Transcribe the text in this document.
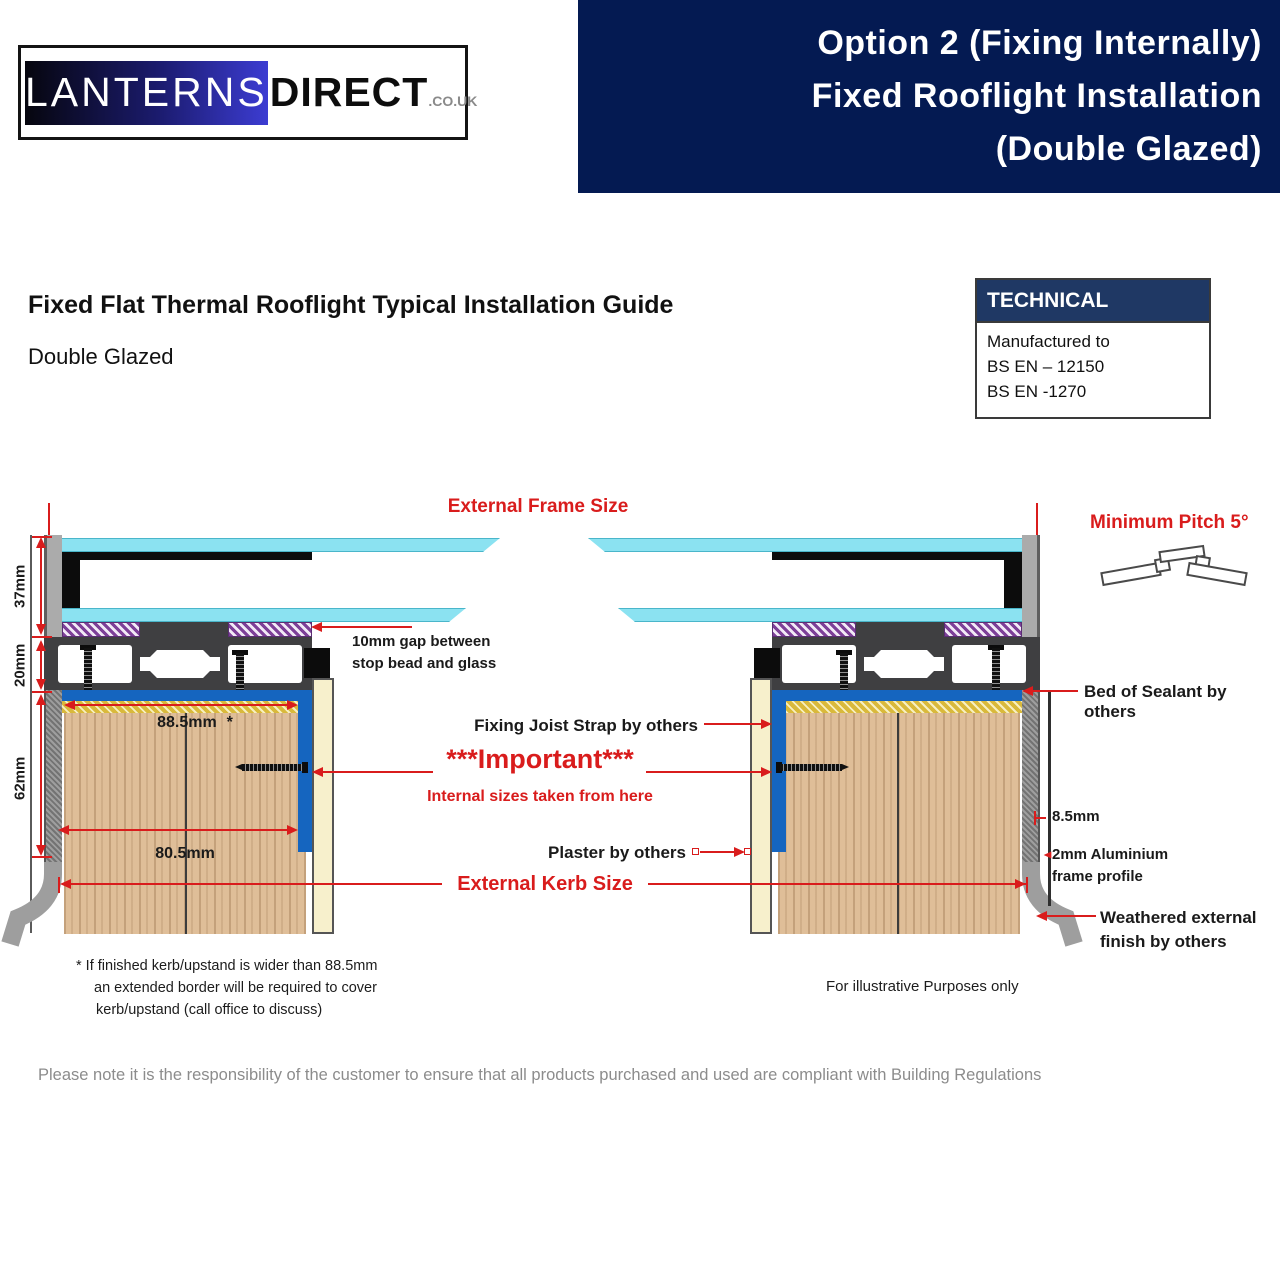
Option 2 (Fixing Internally)
Fixed Rooflight Installation
(Double Glazed)
LANTERNS DIRECT .CO.UK
Fixed Flat Thermal Rooflight Typical Installation Guide
Double Glazed
TECHNICAL
Manufactured to
BS EN – 12150
BS EN -1270
External Frame Size
Minimum Pitch 5°
37mm
20mm
62mm
88.5mm *
80.5mm
External Kerb Size
10mm gap between
stop bead and glass
Bed of Sealant by others
Fixing Joist Strap by others
***Important***
Internal sizes taken from here
Plaster by others
8.5mm
2mm Aluminium
frame profile
Weathered external
finish by others
* If finished kerb/upstand is wider than 88.5mm
an extended border will be required to cover
kerb/upstand (call office to discuss)
For illustrative Purposes only
Please note it is the responsibility of the customer to ensure that all products purchased and used are compliant with Building Regulations
